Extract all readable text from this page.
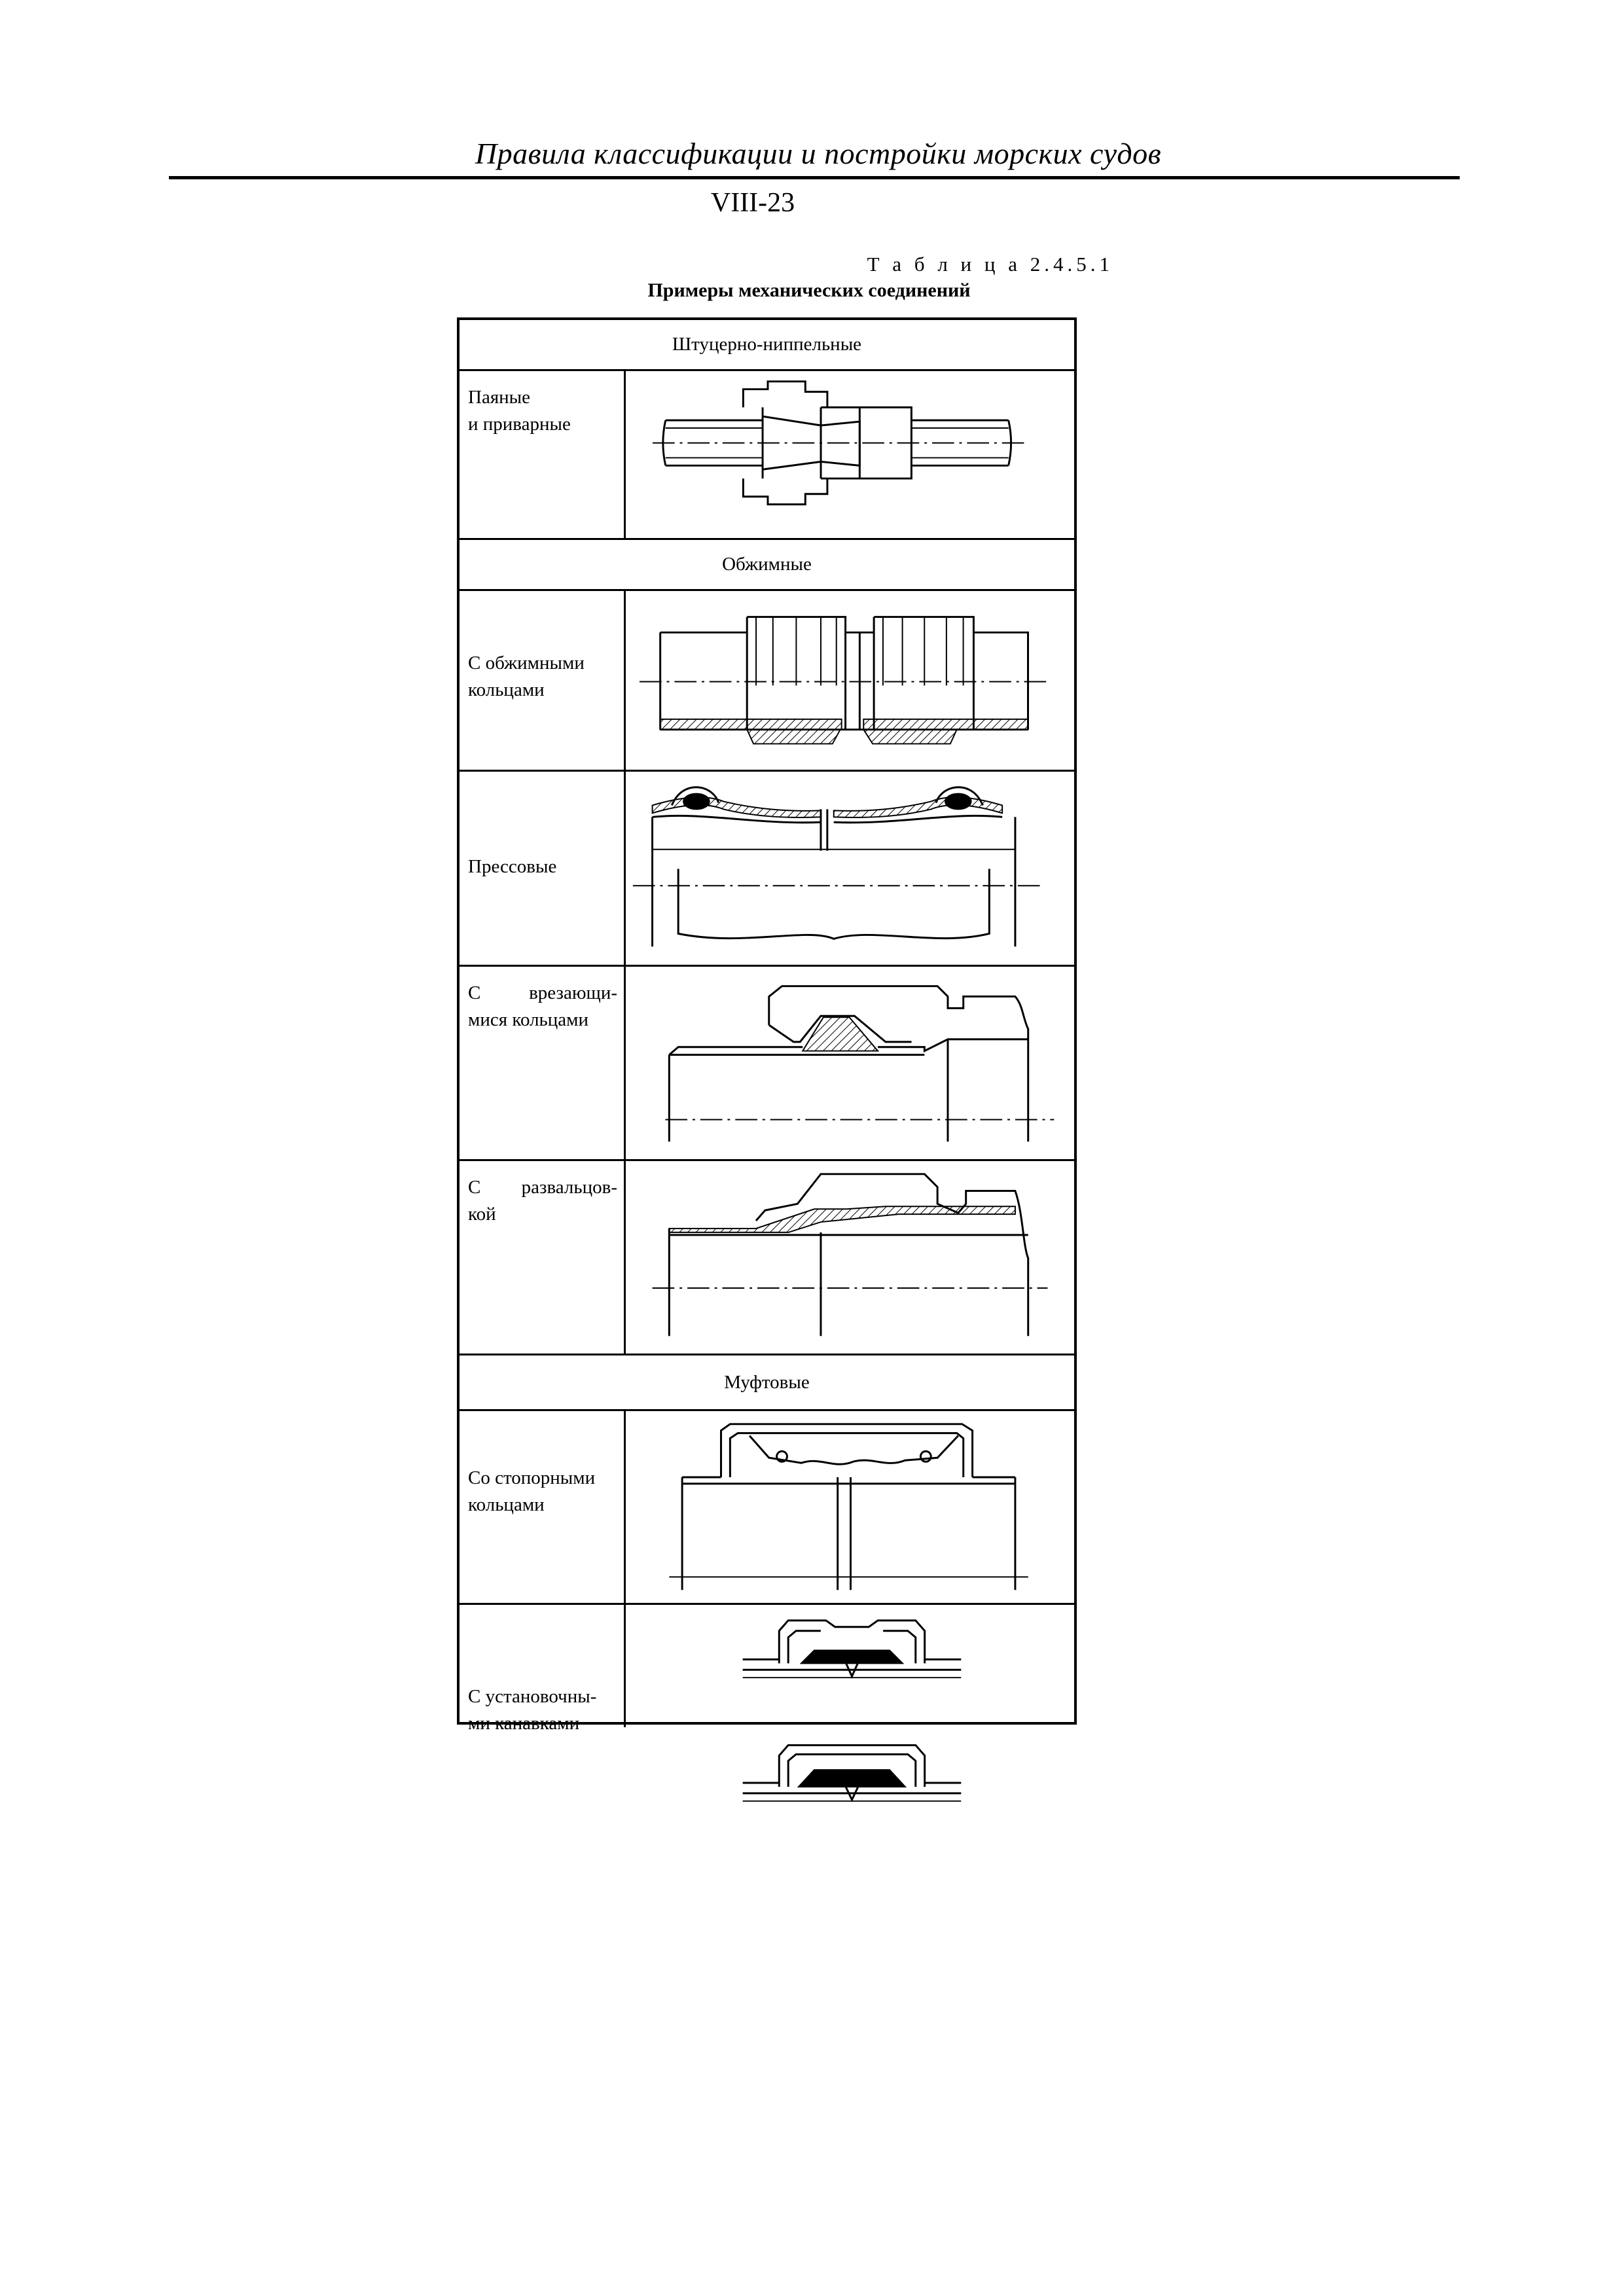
Правила классификации и постройки морских судов
VIII-23
Т а б л и ц а 2.4.5.1
Примеры механических соединений
Штуцерно-ниппельные
Паяные
и приварные
Обжимные
С обжимными
кольцами
Прессовые
С врезающи-
мися кольцами
С развальцов-
кой
Муфтовые
Со стопорными
кольцами
С установочны-
ми канавками
